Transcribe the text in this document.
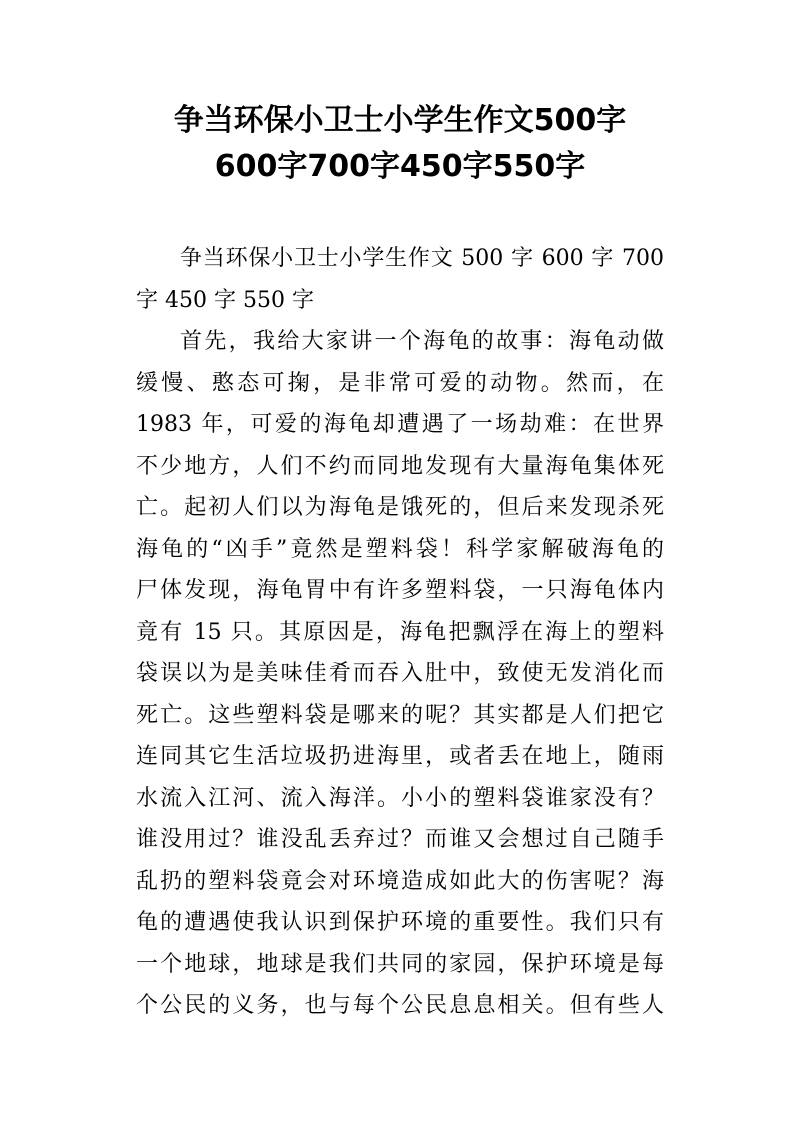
争当环保小卫士小学生作文500字
600字700字450字550字
争当环保小卫士小学生作文 500 字 600 字 700
字 450 字 550 字
首先，我给大家讲一个海龟的故事：海龟动做
缓慢、憨态可掬，是非常可爱的动物。然而，在
1983 年，可爱的海龟却遭遇了一场劫难：在世界
不少地方，人们不约而同地发现有大量海龟集体死
亡。起初人们以为海龟是饿死的，但后来发现杀死
海龟的“凶手”竟然是塑料袋！科学家解破海龟的
尸体发现，海龟胃中有许多塑料袋，一只海龟体内
竟有 15 只。其原因是，海龟把飘浮在海上的塑料
袋误以为是美味佳肴而吞入肚中，致使无发消化而
死亡。这些塑料袋是哪来的呢？其实都是人们把它
连同其它生活垃圾扔进海里，或者丢在地上，随雨
水流入江河、流入海洋。小小的塑料袋谁家没有？
谁没用过？谁没乱丢弃过？而谁又会想过自己随手
乱扔的塑料袋竟会对环境造成如此大的伤害呢？海
龟的遭遇使我认识到保护环境的重要性。我们只有
一个地球，地球是我们共同的家园，保护环境是每
个公民的义务，也与每个公民息息相关。但有些人
